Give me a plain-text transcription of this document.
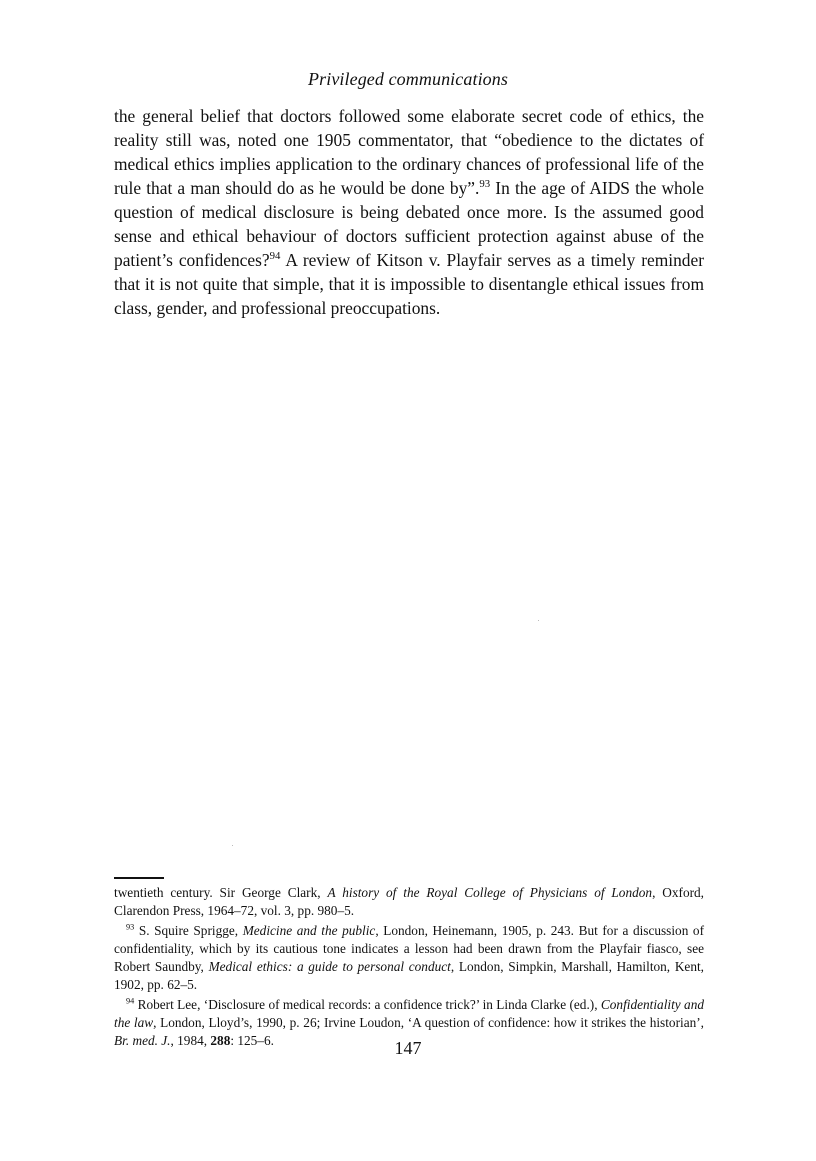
Privileged communications

the general belief that doctors followed some elaborate secret code of ethics, the reality still was, noted one 1905 commentator, that “obedience to the dictates of medical ethics implies application to the ordinary chances of professional life of the rule that a man should do as he would be done by”.$^{93}$ In the age of AIDS the whole question of medical disclosure is being debated once more. Is the assumed good sense and ethical behaviour of doctors sufficient protection against abuse of the patient’s confidences?$^{94}$ A review of Kitson v. Playfair serves as a timely reminder that it is not quite that simple, that it is impossible to disentangle ethical issues from class, gender, and professional preoccupations.

twentieth century. Sir George Clark, A history of the Royal College of Physicians of London, Oxford, Clarendon Press, 1964–72, vol. 3, pp. 980–5.

$^{93}$ S. Squire Sprigge, Medicine and the public, London, Heinemann, 1905, p. 243. But for a discussion of confidentiality, which by its cautious tone indicates a lesson had been drawn from the Playfair fiasco, see Robert Saundby, Medical ethics: a guide to personal conduct, London, Simpkin, Marshall, Hamilton, Kent, 1902, pp. 62–5.

$^{94}$ Robert Lee, ‘Disclosure of medical records: a confidence trick?’ in Linda Clarke (ed.), Confidentiality and the law, London, Lloyd’s, 1990, p. 26; Irvine Loudon, ‘A question of confidence: how it strikes the historian’, Br. med. J., 1984, 288: 125–6.	147
